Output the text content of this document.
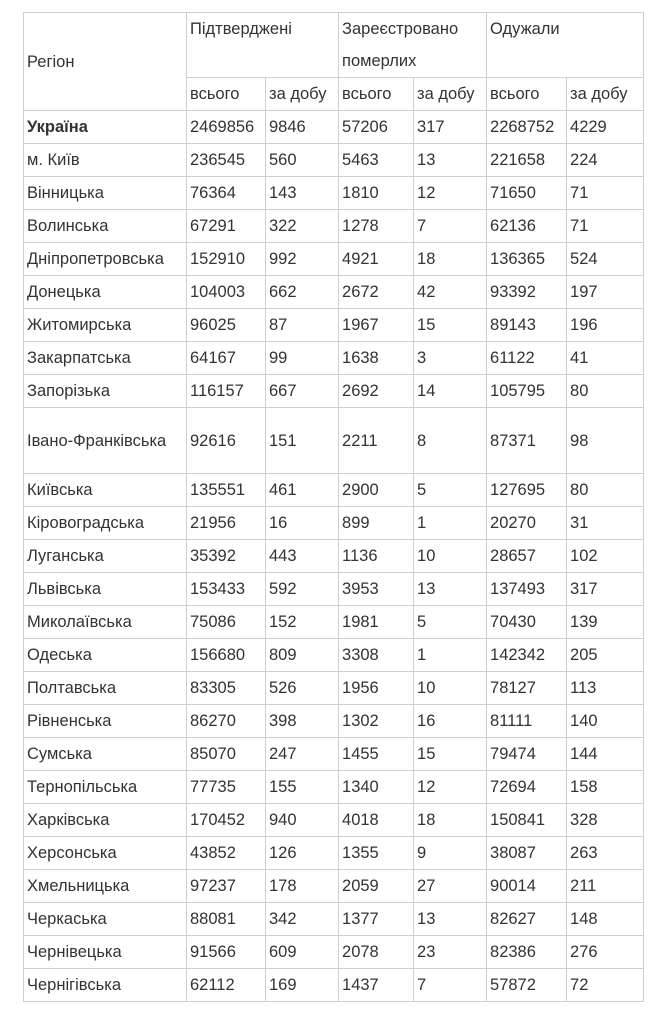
Регіон	Підтверджені		Зареєстровано померлих		Одужали	
	всього	за добу	всього	за добу	всього	за добу
Україна	2469856	9846	57206	317	2268752	4229
м. Київ	236545	560	5463	13	221658	224
Вінницька	76364	143	1810	12	71650	71
Волинська	67291	322	1278	7	62136	71
Дніпропетровська	152910	992	4921	18	136365	524
Донецька	104003	662	2672	42	93392	197
Житомирська	96025	87	1967	15	89143	196
Закарпатська	64167	99	1638	3	61122	41
Запорізька	116157	667	2692	14	105795	80
Івано-Франківська	92616	151	2211	8	87371	98
Київська	135551	461	2900	5	127695	80
Кіровоградська	21956	16	899	1	20270	31
Луганська	35392	443	1136	10	28657	102
Львівська	153433	592	3953	13	137493	317
Миколаївська	75086	152	1981	5	70430	139
Одеська	156680	809	3308	1	142342	205
Полтавська	83305	526	1956	10	78127	113
Рівненська	86270	398	1302	16	81111	140
Сумська	85070	247	1455	15	79474	144
Тернопільська	77735	155	1340	12	72694	158
Харківська	170452	940	4018	18	150841	328
Херсонська	43852	126	1355	9	38087	263
Хмельницька	97237	178	2059	27	90014	211
Черкаська	88081	342	1377	13	82627	148
Чернівецька	91566	609	2078	23	82386	276
Чернігівська	62112	169	1437	7	57872	72
